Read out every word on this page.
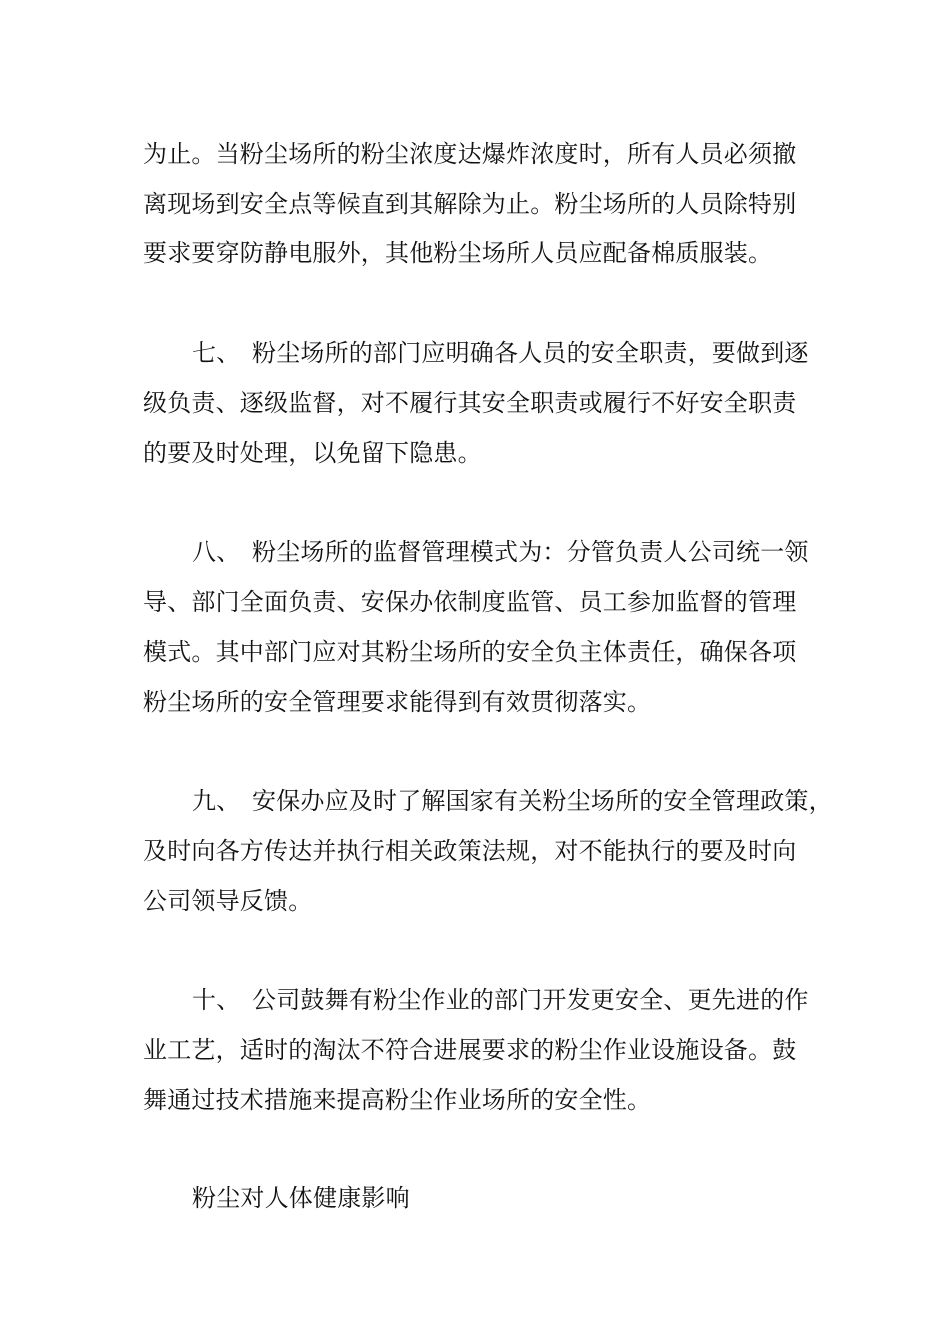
为止。当粉尘场所的粉尘浓度达爆炸浓度时，所有人员必须撤
离现场到安全点等候直到其解除为止。粉尘场所的人员除特别
要求要穿防静电服外，其他粉尘场所人员应配备棉质服装。
七、 粉尘场所的部门应明确各人员的安全职责，要做到逐
级负责、逐级监督，对不履行其安全职责或履行不好安全职责
的要及时处理，以免留下隐患。
八、 粉尘场所的监督管理模式为：分管负责人公司统一领
导、部门全面负责、安保办依制度监管、员工参加监督的管理
模式。其中部门应对其粉尘场所的安全负主体责任，确保各项
粉尘场所的安全管理要求能得到有效贯彻落实。
九、 安保办应及时了解国家有关粉尘场所的安全管理政策，
及时向各方传达并执行相关政策法规，对不能执行的要及时向
公司领导反馈。
十、 公司鼓舞有粉尘作业的部门开发更安全、更先进的作
业工艺，适时的淘汰不符合进展要求的粉尘作业设施设备。鼓
舞通过技术措施来提高粉尘作业场所的安全性。
粉尘对人体健康影响
